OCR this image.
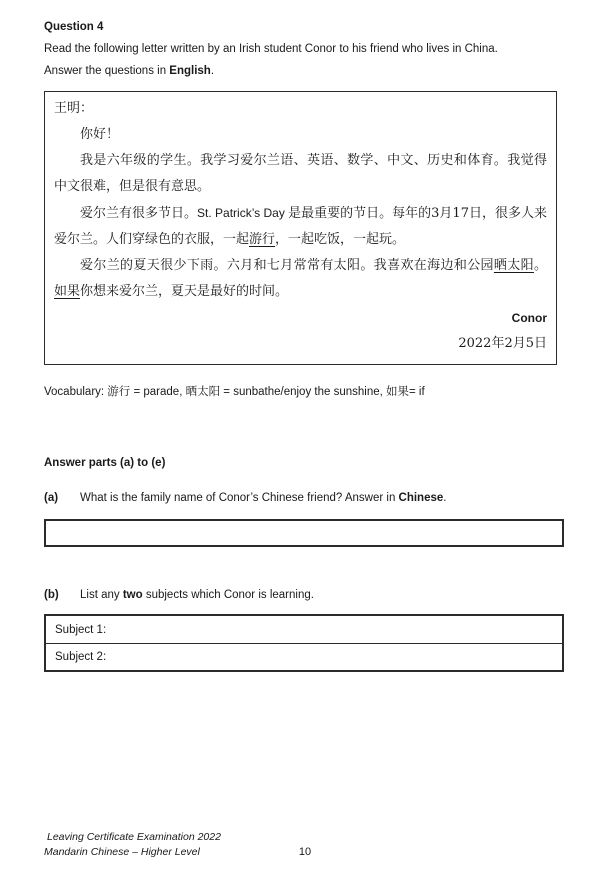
Question 4

Read the following letter written by an Irish student Conor to his friend who lives in China.

Answer the questions in English.

王明：

你好！

我是六年级的学生。我学习爱尔兰语、英语、数学、中文、历史和体育。我觉得中文很难，但是很有意思。

爱尔兰有很多节日。St. Patrick’s Day 是最重要的节日。每年的3月17日，很多人来爱尔兰。人们穿绿色的衣服，一起游行，一起吃饭，一起玩。

爱尔兰的夏天很少下雨。六月和七月常常有太阳。我喜欢在海边和公园晒太阳。如果你想来爱尔兰，夏天是最好的时间。

Conor

2022年2月5日

Vocabulary: 游行 = parade, 晒太阳 = sunbathe/enjoy the sunshine, 如果= if

Answer parts (a) to (e)

(a)	What is the family name of Conor’s Chinese friend? Answer in Chinese.
(b)	List any two subjects which Conor is learning.
Subject 1:
Subject 2:

Leaving Certificate Examination 2022

Mandarin Chinese – Higher Level	10
